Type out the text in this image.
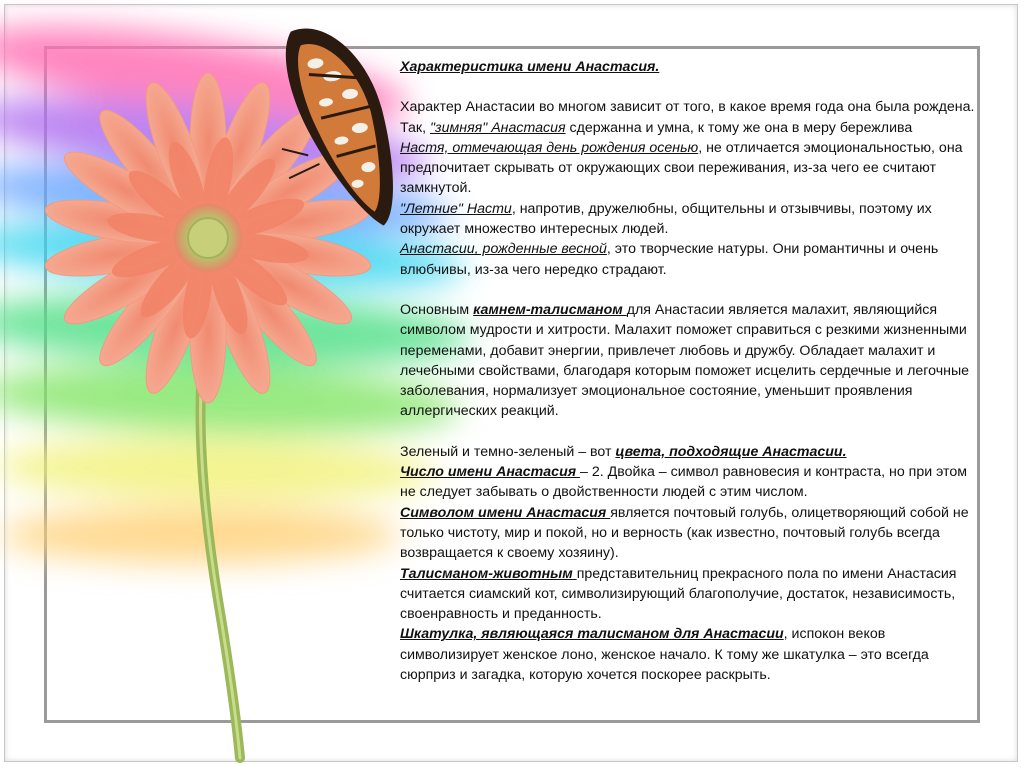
Характеристика имени Анастасия.

Характер Анастасии во многом зависит от того, в какое время года она была рождена.
Так, "зимняя" Анастасия сдержанна и умна, к тому же она в меру бережлива
Настя, отмечающая день рождения осенью, не отличается эмоциональностью, она предпочитает скрывать от окружающих свои переживания, из-за чего ее считают замкнутой.
"Летние" Насти, напротив, дружелюбны, общительны и отзывчивы, поэтому их окружает множество интересных людей.
Анастасии, рожденные весной, это творческие натуры. Они романтичны и очень влюбчивы, из-за чего нередко страдают.

Основным камнем-талисманом для Анастасии является малахит, являющийся символом мудрости и хитрости. Малахит поможет справиться с резкими жизненными переменами, добавит энергии, привлечет любовь и дружбу. Обладает малахит и лечебными свойствами, благодаря которым поможет исцелить сердечные и легочные заболевания, нормализует эмоциональное состояние, уменьшит проявления аллергических реакций.

Зеленый и темно-зеленый – вот цвета, подходящие Анастасии.
Число имени Анастасия – 2. Двойка – символ равновесия и контраста, но при этом не следует забывать о двойственности людей с этим числом.
Символом имени Анастасия является почтовый голубь, олицетворяющий собой не только чистоту, мир и покой, но и верность (как известно, почтовый голубь всегда возвращается к своему хозяину).
Талисманом-животным представительниц прекрасного пола по имени Анастасия считается сиамский кот, символизирующий благополучие, достаток, независимость, своенравность и преданность.
Шкатулка, являющаяся талисманом для Анастасии, испокон веков символизирует женское лоно, женское начало. К тому же шкатулка – это всегда сюрприз и загадка, которую хочется поскорее раскрыть.
